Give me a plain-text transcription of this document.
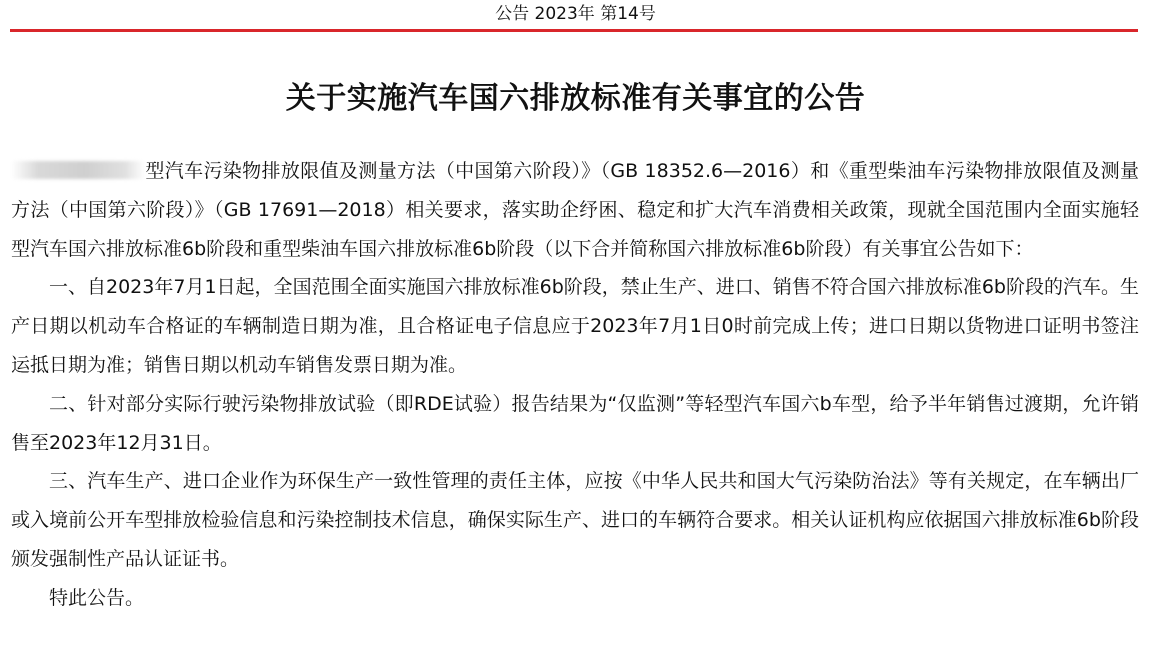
公告 2023年 第14号
关于实施汽车国六排放标准有关事宜的公告

型汽车污染物排放限值及测量方法（中国第六阶段）》（GB 18352.6—2016）和《重型柴油车污染物排放限值及测量方法（中国第六阶段）》（GB 17691—2018）相关要求，落实助企纾困、稳定和扩大汽车消费相关政策，现就全国范围内全面实施轻型汽车国六排放标准6b阶段和重型柴油车国六排放标准6b阶段（以下合并简称国六排放标准6b阶段）有关事宜公告如下：

一、自2023年7月1日起，全国范围全面实施国六排放标准6b阶段，禁止生产、进口、销售不符合国六排放标准6b阶段的汽车。生产日期以机动车合格证的车辆制造日期为准，且合格证电子信息应于2023年7月1日0时前完成上传；进口日期以货物进口证明书签注运抵日期为准；销售日期以机动车销售发票日期为准。

二、针对部分实际行驶污染物排放试验（即RDE试验）报告结果为“仅监测”等轻型汽车国六b车型，给予半年销售过渡期，允许销售至2023年12月31日。

三、汽车生产、进口企业作为环保生产一致性管理的责任主体，应按《中华人民共和国大气污染防治法》等有关规定，在车辆出厂或入境前公开车型排放检验信息和污染控制技术信息，确保实际生产、进口的车辆符合要求。相关认证机构应依据国六排放标准6b阶段颁发强制性产品认证证书。

特此公告。
